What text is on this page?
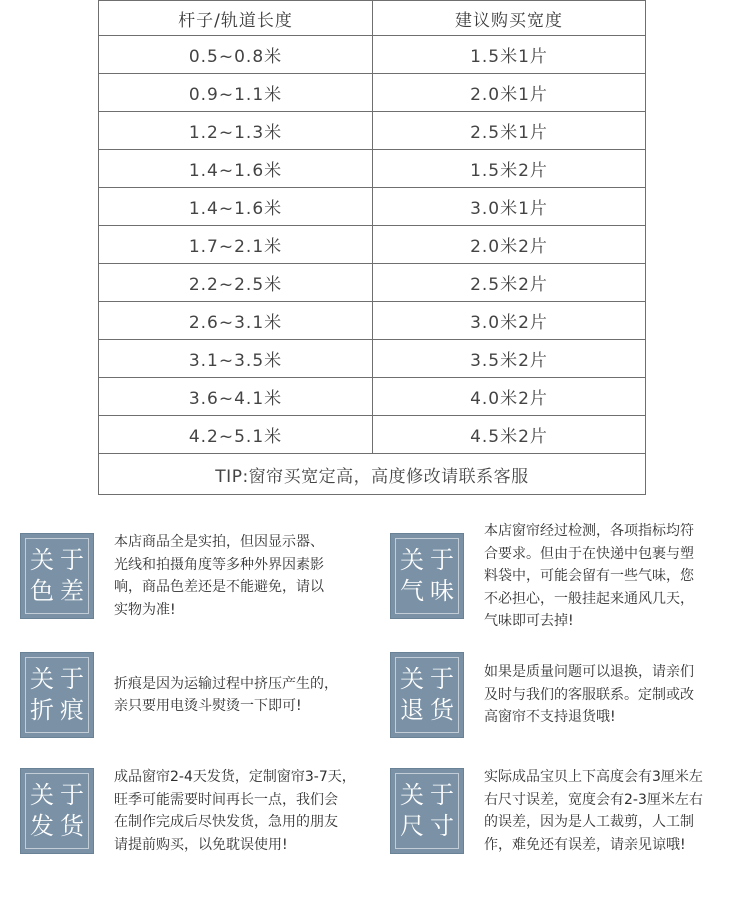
杆子/轨道长度	建议购买宽度
0.5~0.8米	1.5米1片
0.9~1.1米	2.0米1片
1.2~1.3米	2.5米1片
1.4~1.6米	1.5米2片
1.4~1.6米	3.0米1片
1.7~2.1米	2.0米2片
2.2~2.5米	2.5米2片
2.6~3.1米	3.0米2片
3.1~3.5米	3.5米2片
3.6~4.1米	4.0米2片
4.2~5.1米	4.5米2片
TIP:窗帘买宽定高，高度修改请联系客服	
关于
色差
本店商品全是实拍，但因显示器、
光线和拍摄角度等多种外界因素影
响，商品色差还是不能避免，请以
实物为准!
关于
气味
本店窗帘经过检测，各项指标均符
合要求。但由于在快递中包裹与塑
料袋中，可能会留有一些气味，您
不必担心，一般挂起来通风几天，
气味即可去掉!
关于
折痕
折痕是因为运输过程中挤压产生的，
亲只要用电烫斗熨烫一下即可!
关于
退货
如果是质量问题可以退换，请亲们
及时与我们的客服联系。定制或改
高窗帘不支持退货哦!
关于
发货
成品窗帘2-4天发货，定制窗帘3-7天，
旺季可能需要时间再长一点，我们会
在制作完成后尽快发货，急用的朋友
请提前购买，以免耽误使用!
关于
尺寸
实际成品宝贝上下高度会有3厘米左
右尺寸误差，宽度会有2-3厘米左右
的误差，因为是人工裁剪，人工制
作，难免还有误差，请亲见谅哦!
